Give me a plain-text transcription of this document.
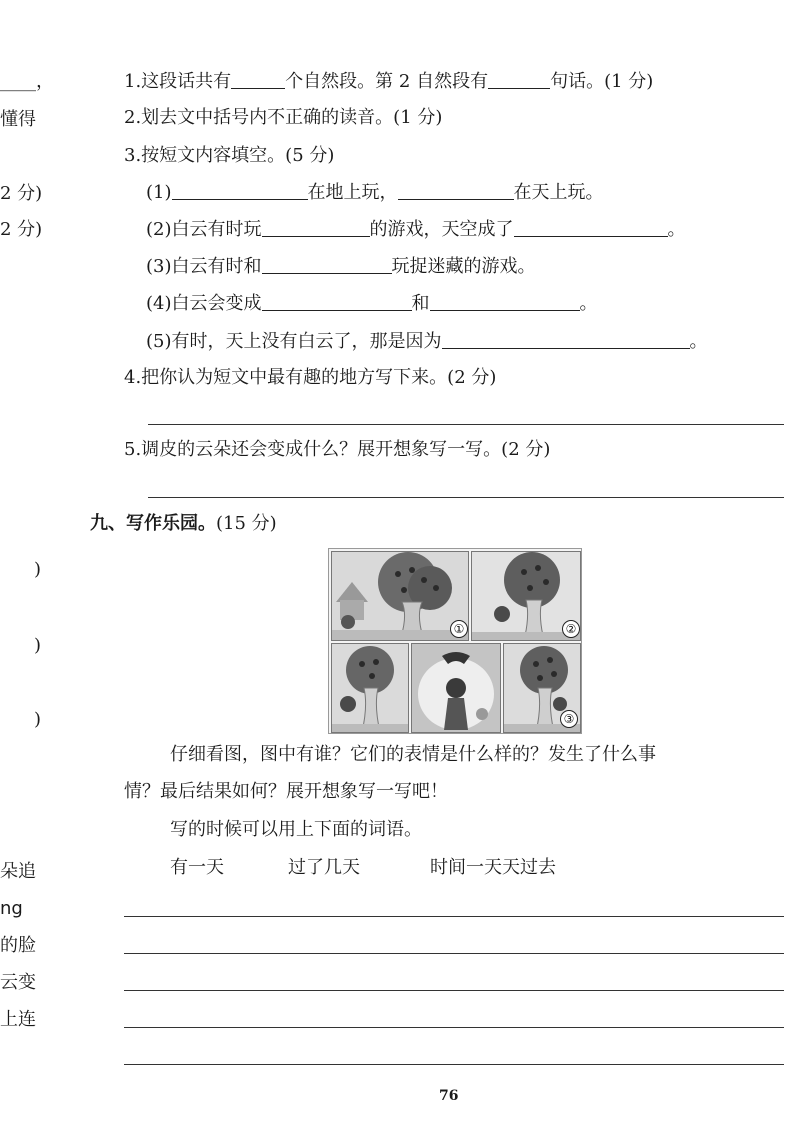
____，
懂得
2 分)
2 分)
)
)
)
朵追
ng
的脸
云变
上连
1.这段话共有	个自然段。第 2 自然段有	句话。(1 分)
2.划去文中括号内不正确的读音。(1 分)
3.按短文内容填空。(5 分)
(1)	在地上玩，	在天上玩。
(2)白云有时玩	的游戏，天空成了	。
(3)白云有时和	玩捉迷藏的游戏。
(4)白云会变成	和	。
(5)有时，天上没有白云了，那是因为	。
4.把你认为短文中最有趣的地方写下来。(2 分)
5.调皮的云朵还会变成什么？展开想象写一写。(2 分)
九、写作乐园。(15 分)
①	②
③
仔细看图，图中有谁？它们的表情是什么样的？发生了什么事
情？最后结果如何？展开想象写一写吧！
写的时候可以用上下面的词语。
有一天	过了几天	时间一天天过去
76
